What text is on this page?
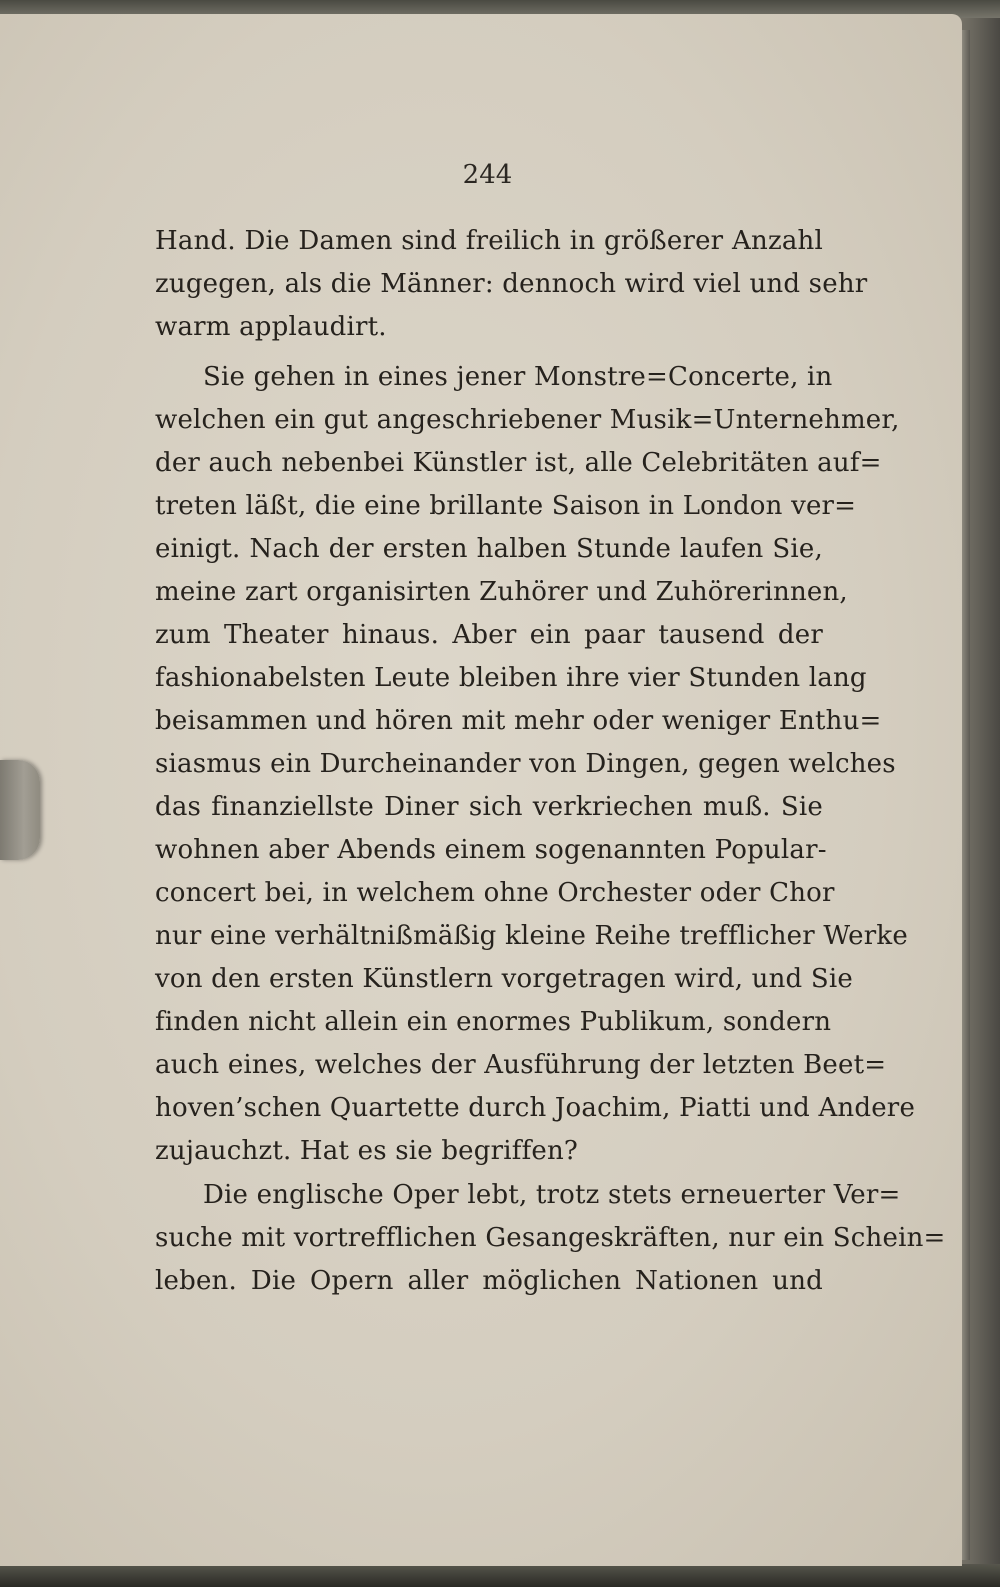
244
Hand. Die Damen sind freilich in größerer Anzahl
zugegen, als die Männer: dennoch wird viel und sehr
warm applaudirt.
Sie gehen in eines jener Monstre=Concerte, in
welchen ein gut angeschriebener Musik=Unternehmer,
der auch nebenbei Künstler ist, alle Celebritäten auf=
treten läßt, die eine brillante Saison in London ver=
einigt. Nach der ersten halben Stunde laufen Sie,
meine zart organisirten Zuhörer und Zuhörerinnen,
zum Theater hinaus. Aber ein paar tausend der
fashionabelsten Leute bleiben ihre vier Stunden lang
beisammen und hören mit mehr oder weniger Enthu=
siasmus ein Durcheinander von Dingen, gegen welches
das finanziellste Diner sich verkriechen muß. Sie
wohnen aber Abends einem sogenannten Popular-
concert bei, in welchem ohne Orchester oder Chor
nur eine verhältnißmäßig kleine Reihe trefflicher Werke
von den ersten Künstlern vorgetragen wird, und Sie
finden nicht allein ein enormes Publikum, sondern
auch eines, welches der Ausführung der letzten Beet=
hoven’schen Quartette durch Joachim, Piatti und Andere
zujauchzt. Hat es sie begriffen?
Die englische Oper lebt, trotz stets erneuerter Ver=
suche mit vortrefflichen Gesangeskräften, nur ein Schein=
leben. Die Opern aller möglichen Nationen und
